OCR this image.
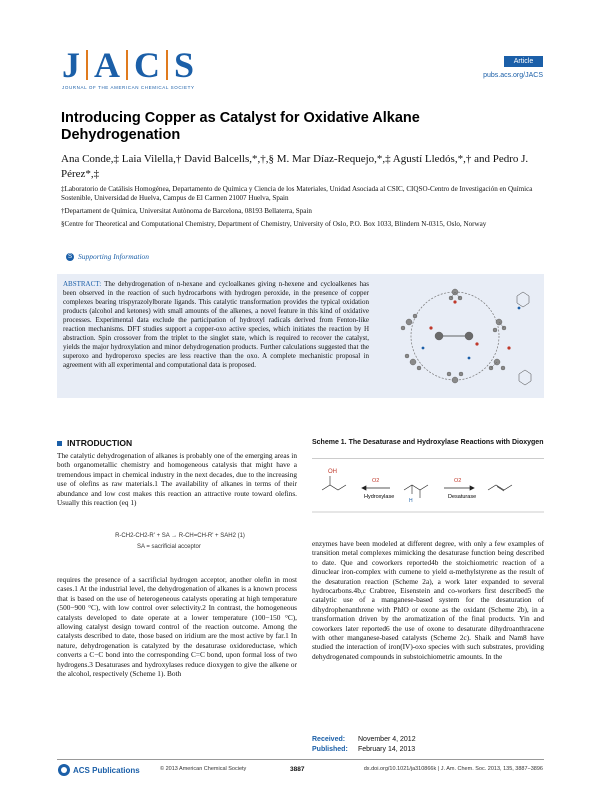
J A C S
JOURNAL OF THE AMERICAN CHEMICAL SOCIETY
Article
pubs.acs.org/JACS
Introducing Copper as Catalyst for Oxidative Alkane Dehydrogenation
Ana Conde,‡ Laia Vilella,† David Balcells,*,†,§ M. Mar Díaz-Requejo,*,‡ Agustí Lledós,*,† and Pedro J. Pérez*,‡

‡Laboratorio de Catálisis Homogénea, Departamento de Química y Ciencia de los Materiales, Unidad Asociada al CSIC, CIQSO-Centro de Investigación en Química Sostenible, Universidad de Huelva, Campus de El Carmen 21007 Huelva, Spain

†Departament de Química, Universitat Autònoma de Barcelona, 08193 Bellaterra, Spain

§Centre for Theoretical and Computational Chemistry, Department of Chemistry, University of Oslo, P.O. Box 1033, Blindern N-0315, Oslo, Norway

S Supporting Information
ABSTRACT: The dehydrogenation of n-hexane and cycloalkanes giving n-hexene and cycloalkenes has been observed in the reaction of such hydrocarbons with hydrogen peroxide, in the presence of copper complexes bearing trispyrazolylborate ligands. This catalytic transformation provides the typical oxidation products (alcohol and ketones) with small amounts of the alkenes, a novel feature in this kind of oxidative processes. Experimental data exclude the participation of hydroxyl radicals derived from Fenton-like reaction mechanisms. DFT studies support a copper-oxo active species, which initiates the reaction by H abstraction. Spin crossover from the triplet to the singlet state, which is required to recover the catalyst, yields the major hydroxylation and minor dehydrogenation products. Further calculations suggested that the superoxo and hydroperoxo species are less reactive than the oxo. A complete mechanistic proposal in agreement with all experimental and computational data is proposed.
INTRODUCTION
The catalytic dehydrogenation of alkanes is probably one of the emerging areas in both organometallic chemistry and homogeneous catalysis that might have a tremendous impact in chemical industry in the next decades, due to the increasing use of olefins as raw materials.1 The availability of alkanes in terms of their abundance and low cost makes this reaction an attractive route toward olefins. Usually this reaction (eq 1)
R-CH2-CH2-R' + SA → R-CH=CH-R' + SAH2 (1)
SA = sacrificial acceptor
requires the presence of a sacrificial hydrogen acceptor, another olefin in most cases.1 At the industrial level, the dehydrogenation of alkanes is a known process that is based on the use of heterogeneous catalysts operating at high temperature (500−900 °C), with low control over selectivity.2 In contrast, the homogeneous catalysts developed to date operate at a lower temperature (100−150 °C), allowing catalyst design toward control of the reaction outcome. Among the catalysts described to date, those based on iridium are the most active by far.1 In nature, dehydrogenation is catalyzed by the desaturase oxidoreductase, which converts a C−C bond into the corresponding C=C bond, upon formal loss of two hydrogens.3 Desaturases and hydroxylases reduce dioxygen to give the alkene or the alcohol, respectively (Scheme 1). Both
Scheme 1. The Desaturase and Hydroxylase Reactions with Dioxygen
OH
Hydroxylase
O2
H
Desaturase
O2
enzymes have been modeled at different degree, with only a few examples of transition metal complexes mimicking the desaturase function being described to date. Que and coworkers reported4b the stoichiometric reaction of a dinuclear iron-complex with cumene to yield α-methylstyrene as the result of the desaturation reaction (Scheme 2a), a work later expanded to several hydrocarbons.4b,c Crabtree, Eisenstein and co-workers first described5 the catalytic use of a manganese-based system for the desaturation of dihydrophenanthrene with PhIO or oxone as the oxidant (Scheme 2b), in a transformation driven by the aromatization of the final products. Yin and coworkers later reported6 the use of oxone to desaturate dihydroanthracene with other manganese-based catalysts (Scheme 2c). Shaik and Nam8 have studied the interaction of iron(IV)-oxo species with such substrates, providing dehydrogenated compounds in substoichiometric amounts. In the
Received: November 4, 2012
Published: February 14, 2013
ACS Publications	© 2013 American Chemical Society	3887	dx.doi.org/10.1021/ja310866k | J. Am. Chem. Soc. 2013, 135, 3887−3896
